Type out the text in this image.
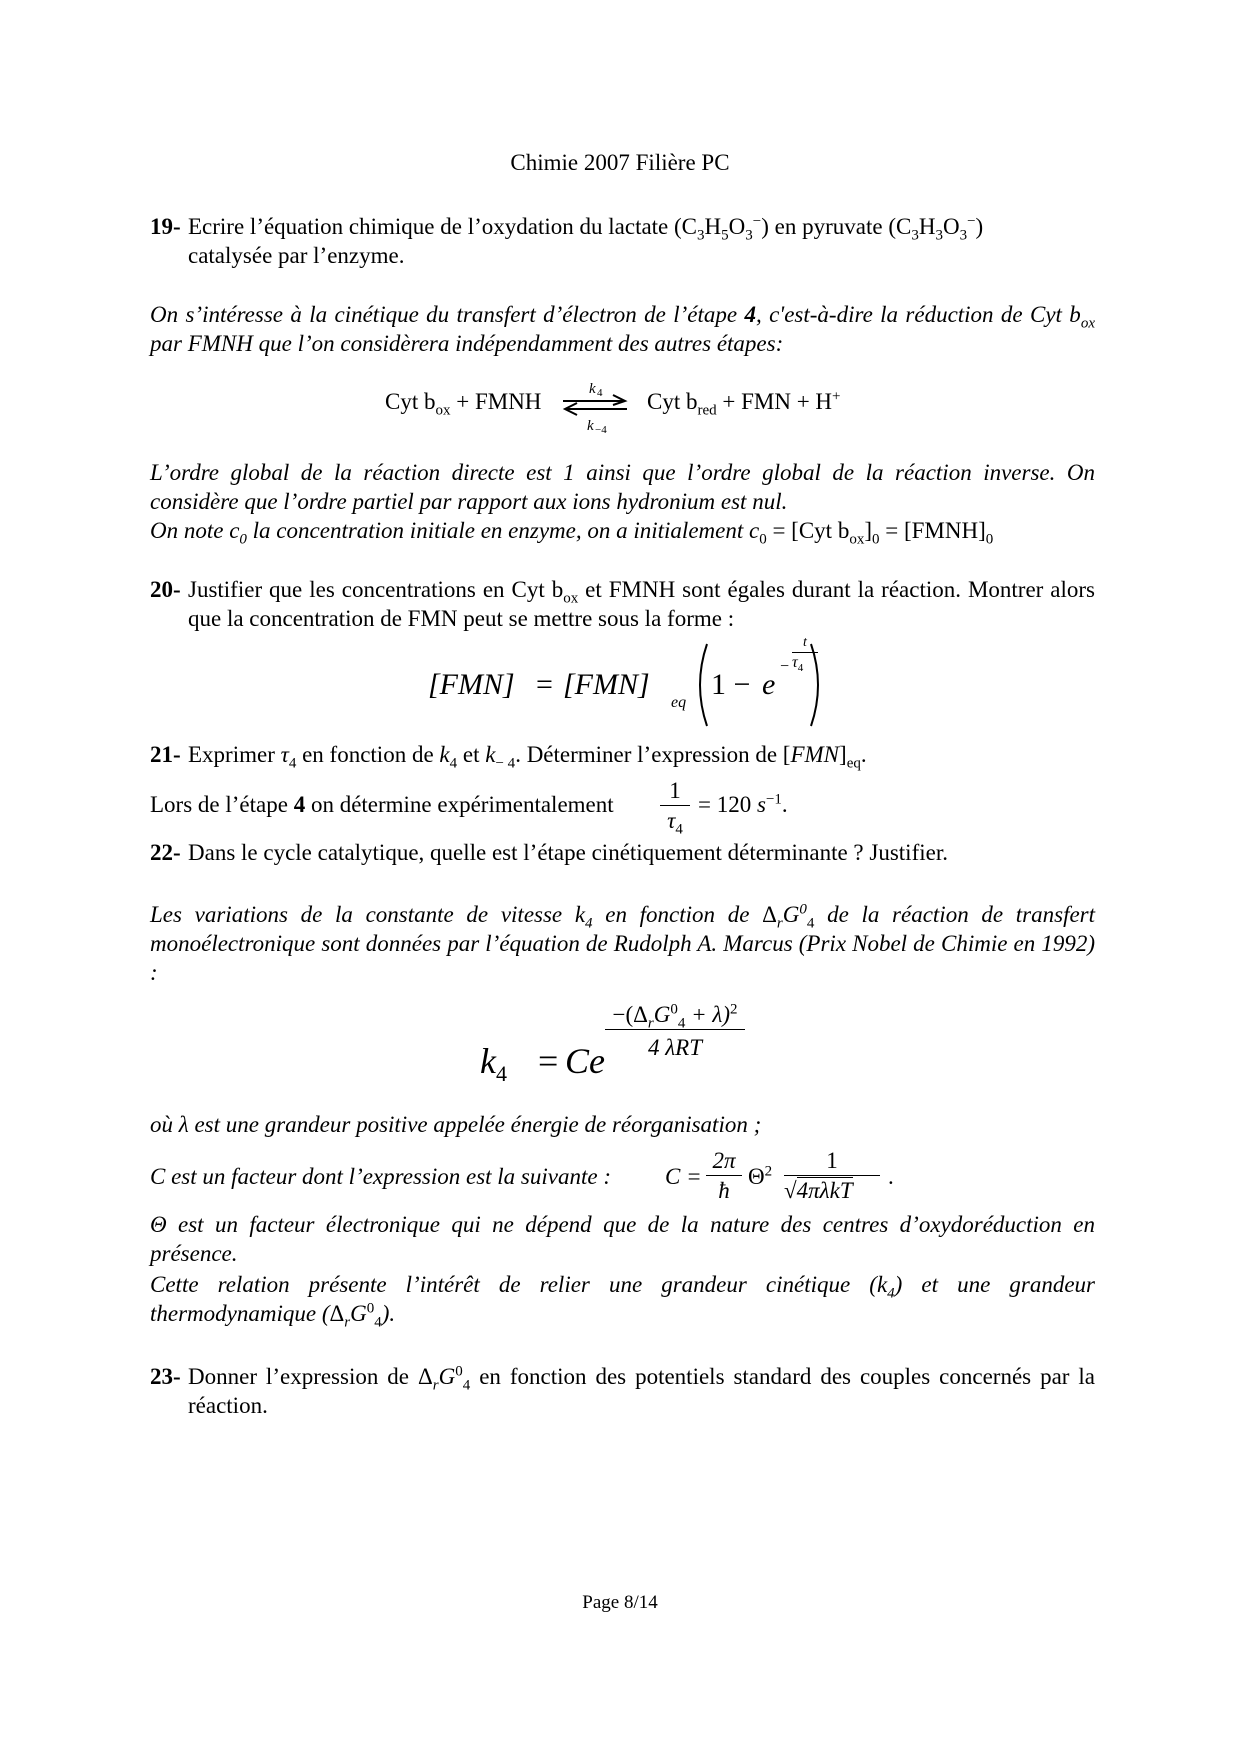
Chimie 2007 Filière PC
19- Ecrire l’équation chimique de l’oxydation du lactate $(C_3H_5O_3^-)$ en pyruvate $(C_3H_3O_3^-)$
catalysée par l’enzyme.
On s’intéresse à la cinétique du transfert d’électron de l’étape 4, c'est-à-dire la réduction de Cyt $b_{ox}$ par FMNH que l’on considèrera indépendamment des autres étapes:
Cyt $b_{ox}$ + FMNH	k 4
k −4
Cyt $b_{red}$ + FMN + H+
L’ordre global de la réaction directe est 1 ainsi que l’ordre global de la réaction inverse. On considère que l’ordre partiel par rapport aux ions hydronium est nul.
On note $c_0$ la concentration initiale en enzyme, on a initialement $c_0 = [Cyt$ $b_{ox}]_0$ = $[FMNH]_0$
20- Justifier que les concentrations en Cyt $b_{ox}$ et FMNH sont égales durant la réaction. Montrer alors que la concentration de FMN peut se mettre sous la forme :
[FMN] = [FMN]
eq
1 − e
−
t
$\tau_4$
21- Exprimer $\tau_4$ en fonction de $k_4$ et $k_{- 4}$. Déterminer l’expression de $[FMN]_{eq}$.
Lors de l’étape 4 on détermine expérimentalement $\frac{1}{\tau_4} = 120$ $s^{-1}$.
22- Dans le cycle catalytique, quelle est l’étape cinétiquement déterminante ? Justifier.
Les variations de la constante de vitesse $k_4$ en fonction de $\Delta_rG^0_4$ de la réaction de transfert monoélectronique sont données par l’équation de Rudolph A. Marcus (Prix Nobel de Chimie en 1992) :
$k_4 = Ce$
$-(\Delta_rG^0_4 + \lambda)^2$
4 λRT
où λ est une grandeur positive appelée énergie de réorganisation ;
C est un facteur dont l’expression est la suivante : $C = \frac{2\pi}{ħ} \Theta^2$	1
√4πλkT
.
Θ est un facteur électronique qui ne dépend que de la nature des centres d’oxydoréduction en présence.
Cette relation présente l’intérêt de relier une grandeur cinétique $(k_4)$ et une grandeur thermodynamique $(\Delta_rG^0_4)$.
23- Donner l’expression de $\Delta_rG^0_4$ en fonction des potentiels standard des couples concernés par la réaction.
Page 8/14
